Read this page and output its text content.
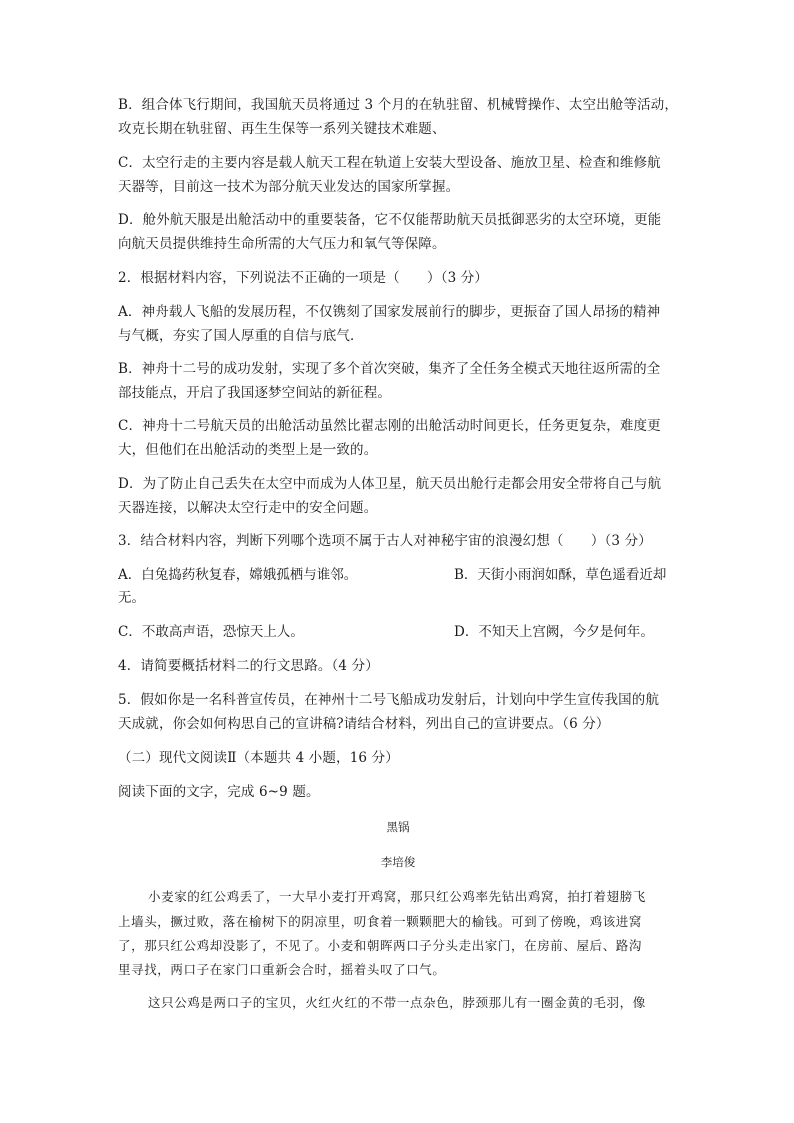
B．组合体飞行期间，我国航天员将通过 3 个月的在轨驻留、机械臂操作、太空出舱等活动，
攻克长期在轨驻留、再生生保等一系列关键技术难题、
C．太空行走的主要内容是载人航天工程在轨道上安装大型设备、施放卫星、检查和维修航
天器等，目前这一技术为部分航天业发达的国家所掌握。
D．舱外航天服是出舱活动中的重要装备，它不仅能帮助航天员抵御恶劣的太空环境，更能
向航天员提供维持生命所需的大气压力和氧气等保障。
2．根据材料内容，下列说法不正确的一项是（　　）（3 分）
A．神舟载人飞船的发展历程，不仅镌刻了国家发展前行的脚步，更振奋了国人昂扬的精神
与气概，夯实了国人厚重的自信与底气．
B．神舟十二号的成功发射，实现了多个首次突破，集齐了全任务全模式天地往返所需的全
部技能点，开启了我国逐梦空间站的新征程。
C．神舟十二号航天员的出舱活动虽然比翟志刚的出舱活动时间更长，任务更复杂，难度更
大，但他们在出舱活动的类型上是一致的。
D．为了防止自己丢失在太空中而成为人体卫星，航天员出舱行走都会用安全带将自己与航
天器连接，以解决太空行走中的安全问题。
3．结合材料内容，判断下列哪个选项不属于古人对神秘宇宙的浪漫幻想（　　）（3 分）
A．白兔捣药秋复春，嫦娥孤栖与谁邻。	B．天街小雨润如酥，草色遥看近却
无。
C．不敢高声语，恐惊天上人。	D．不知天上宫阙，今夕是何年。
4．请简要概括材料二的行文思路。（4 分）
5．假如你是一名科普宣传员，在神州十二号飞船成功发射后，计划向中学生宣传我国的航
天成就，你会如何构思自己的宣讲稿?请结合材料，列出自己的宣讲要点。（6 分）
（二）现代文阅读Ⅱ（本题共 4 小题，16 分）
阅读下面的文字，完成 6~9 题。
黑锅
李培俊
小麦家的红公鸡丢了，一大早小麦打开鸡窝，那只红公鸡率先钻出鸡窝，拍打着翅膀飞
上墙头，撅过败，落在榆树下的阴凉里，叨食着一颗颗肥大的榆钱。可到了傍晚，鸡该进窝
了，那只红公鸡却没影了，不见了。小麦和朝晖两口子分头走出家门，在房前、屋后、路沟
里寻找，两口子在家门口重新会合时，摇着头叹了口气。
这只公鸡是两口子的宝贝，火红火红的不带一点杂色，脖颈那儿有一圈金黄的毛羽，像
